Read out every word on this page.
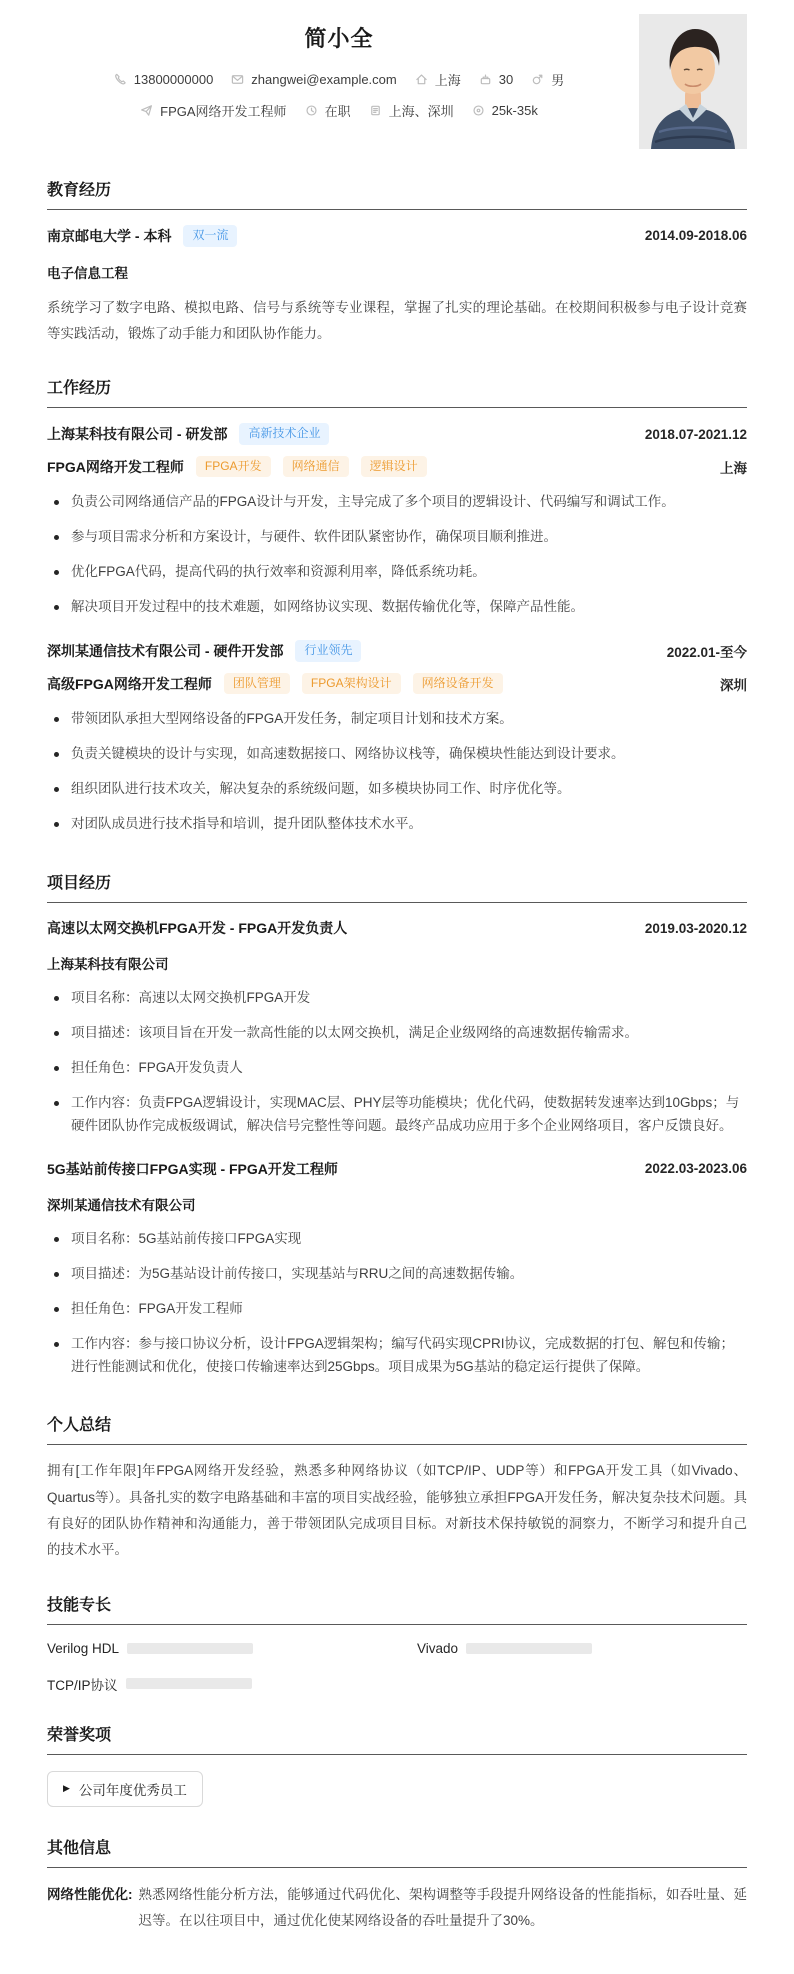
简小全
13800000000	zhangwei@example.com	上海	30	男
FPGA网络开发工程师	在职	上海、深圳	25k-35k
教育经历
南京邮电大学 - 本科	双一流	2014.09-2018.06
电子信息工程
系统学习了数字电路、模拟电路、信号与系统等专业课程，掌握了扎实的理论基础。在校期间积极参与电子设计竞赛等实践活动，锻炼了动手能力和团队协作能力。
工作经历
上海某科技有限公司 - 研发部	高新技术企业	2018.07-2021.12
FPGA网络开发工程师	FPGA开发	网络通信	逻辑设计	上海
负责公司网络通信产品的FPGA设计与开发，主导完成了多个项目的逻辑设计、代码编写和调试工作。
参与项目需求分析和方案设计，与硬件、软件团队紧密协作，确保项目顺利推进。
优化FPGA代码，提高代码的执行效率和资源利用率，降低系统功耗。
解决项目开发过程中的技术难题，如网络协议实现、数据传输优化等，保障产品性能。
深圳某通信技术有限公司 - 硬件开发部	行业领先	2022.01-至今
高级FPGA网络开发工程师	团队管理	FPGA架构设计	网络设备开发	深圳
带领团队承担大型网络设备的FPGA开发任务，制定项目计划和技术方案。
负责关键模块的设计与实现，如高速数据接口、网络协议栈等，确保模块性能达到设计要求。
组织团队进行技术攻关，解决复杂的系统级问题，如多模块协同工作、时序优化等。
对团队成员进行技术指导和培训，提升团队整体技术水平。
项目经历
高速以太网交换机FPGA开发 - FPGA开发负责人	2019.03-2020.12
上海某科技有限公司
项目名称：高速以太网交换机FPGA开发
项目描述：该项目旨在开发一款高性能的以太网交换机，满足企业级网络的高速数据传输需求。
担任角色：FPGA开发负责人
工作内容：负责FPGA逻辑设计，实现MAC层、PHY层等功能模块；优化代码，使数据转发速率达到10Gbps；与硬件团队协作完成板级调试，解决信号完整性等问题。最终产品成功应用于多个企业网络项目，客户反馈良好。
5G基站前传接口FPGA实现 - FPGA开发工程师	2022.03-2023.06
深圳某通信技术有限公司
项目名称：5G基站前传接口FPGA实现
项目描述：为5G基站设计前传接口，实现基站与RRU之间的高速数据传输。
担任角色：FPGA开发工程师
工作内容：参与接口协议分析，设计FPGA逻辑架构；编写代码实现CPRI协议，完成数据的打包、解包和传输；进行性能测试和优化，使接口传输速率达到25Gbps。项目成果为5G基站的稳定运行提供了保障。
个人总结
拥有[工作年限]年FPGA网络开发经验，熟悉多种网络协议（如TCP/IP、UDP等）和FPGA开发工具（如Vivado、Quartus等）。具备扎实的数字电路基础和丰富的项目实战经验，能够独立承担FPGA开发任务，解决复杂技术问题。具有良好的团队协作精神和沟通能力，善于带领团队完成项目目标。对新技术保持敏锐的洞察力，不断学习和提升自己的技术水平。
技能专长
Verilog HDL	Vivado
TCP/IP协议
荣誉奖项
▶ 公司年度优秀员工
其他信息
网络性能优化: 熟悉网络性能分析方法，能够通过代码优化、架构调整等手段提升网络设备的性能指标，如吞吐量、延迟等。在以往项目中，通过优化使某网络设备的吞吐量提升了30%。
